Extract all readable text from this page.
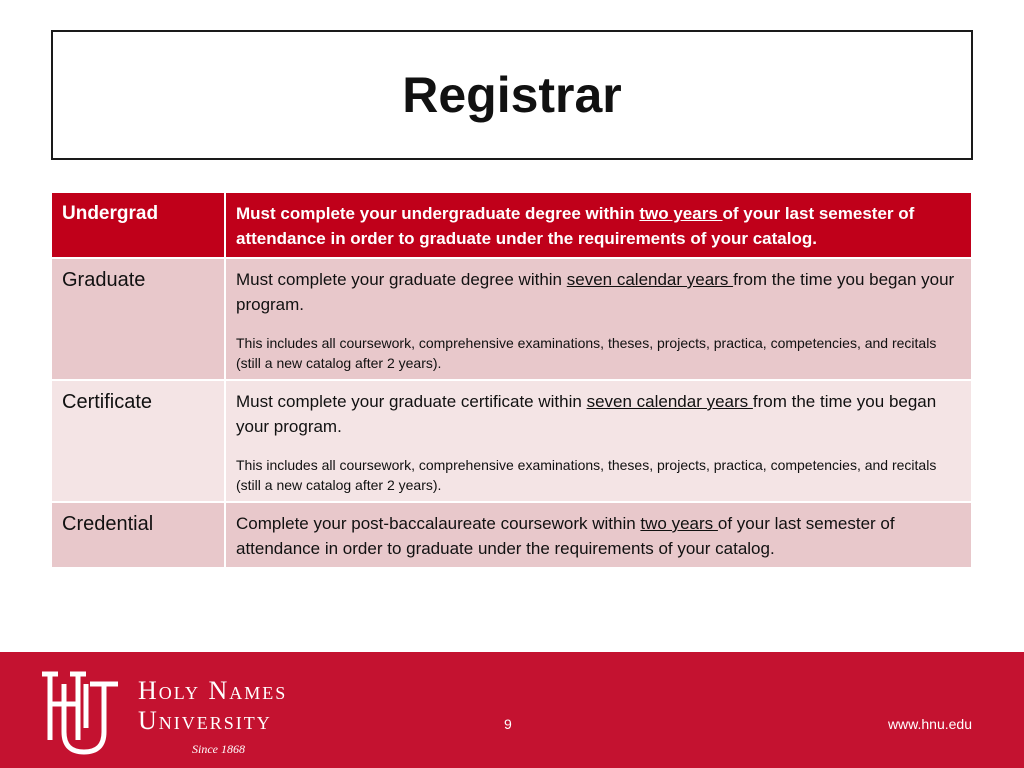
Registrar
Undergrad	Must complete your undergraduate degree within two years of your last semester of attendance in order to graduate under the requirements of your catalog.
Graduate	Must complete your graduate degree within seven calendar years from the time you began your program.
This includes all coursework, comprehensive examinations, theses, projects, practica, competencies, and recitals (still a new catalog after 2 years).

Certificate	Must complete your graduate certificate within seven calendar years from the time you began your program.
This includes all coursework, comprehensive examinations, theses, projects, practica, competencies, and recitals (still a new catalog after 2 years).

Credential	Complete your post-baccalaureate coursework within two years of your last semester of attendance in order to graduate under the requirements of your catalog.
Holy Names
University
Since 1868
9	www.hnu.edu
